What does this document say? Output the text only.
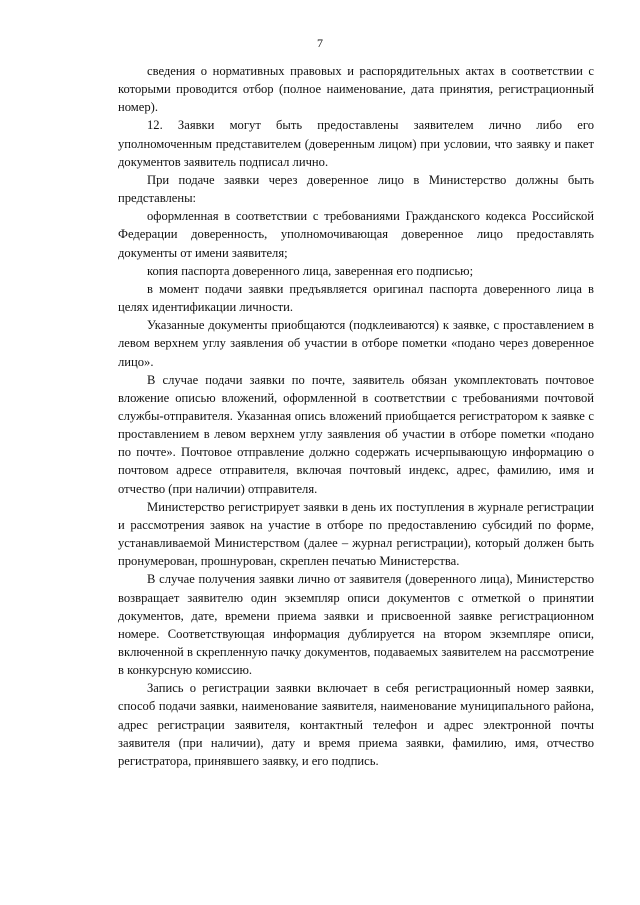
7

сведения о нормативных правовых и распорядительных актах в соответствии с которыми проводится отбор (полное наименование, дата принятия, регистрационный номер).

12. Заявки могут быть предоставлены заявителем лично либо его уполномоченным представителем (доверенным лицом) при условии, что заявку и пакет документов заявитель подписал лично.

При подаче заявки через доверенное лицо в Министерство должны быть представлены:

оформленная в соответствии с требованиями Гражданского кодекса Российской Федерации доверенность, уполномочивающая доверенное лицо предоставлять документы от имени заявителя;

копия паспорта доверенного лица, заверенная его подписью;

в момент подачи заявки предъявляется оригинал паспорта доверенного лица в целях идентификации личности.

Указанные документы приобщаются (подклеиваются) к заявке, с проставлением в левом верхнем углу заявления об участии в отборе пометки «подано через доверенное лицо».

В случае подачи заявки по почте, заявитель обязан укомплектовать почтовое вложение описью вложений, оформленной в соответствии с требованиями почтовой службы-отправителя. Указанная опись вложений приобщается регистратором к заявке с проставлением в левом верхнем углу заявления об участии в отборе пометки «подано по почте». Почтовое отправление должно содержать исчерпывающую информацию о почтовом адресе отправителя, включая почтовый индекс, адрес, фамилию, имя и отчество (при наличии) отправителя.

Министерство регистрирует заявки в день их поступления в журнале регистрации и рассмотрения заявок на участие в отборе по предоставлению субсидий по форме, устанавливаемой Министерством (далее – журнал регистрации), который должен быть пронумерован, прошнурован, скреплен печатью Министерства.

В случае получения заявки лично от заявителя (доверенного лица), Министерство возвращает заявителю один экземпляр описи документов с отметкой о принятии документов, дате, времени приема заявки и присвоенной заявке регистрационном номере. Соответствующая информация дублируется на втором экземпляре описи, включенной в скрепленную пачку документов, подаваемых заявителем на рассмотрение в конкурсную комиссию.

Запись о регистрации заявки включает в себя регистрационный номер заявки, способ подачи заявки, наименование заявителя, наименование муниципального района, адрес регистрации заявителя, контактный телефон и адрес электронной почты заявителя (при наличии), дату и время приема заявки, фамилию, имя, отчество регистратора, принявшего заявку, и его подпись.
